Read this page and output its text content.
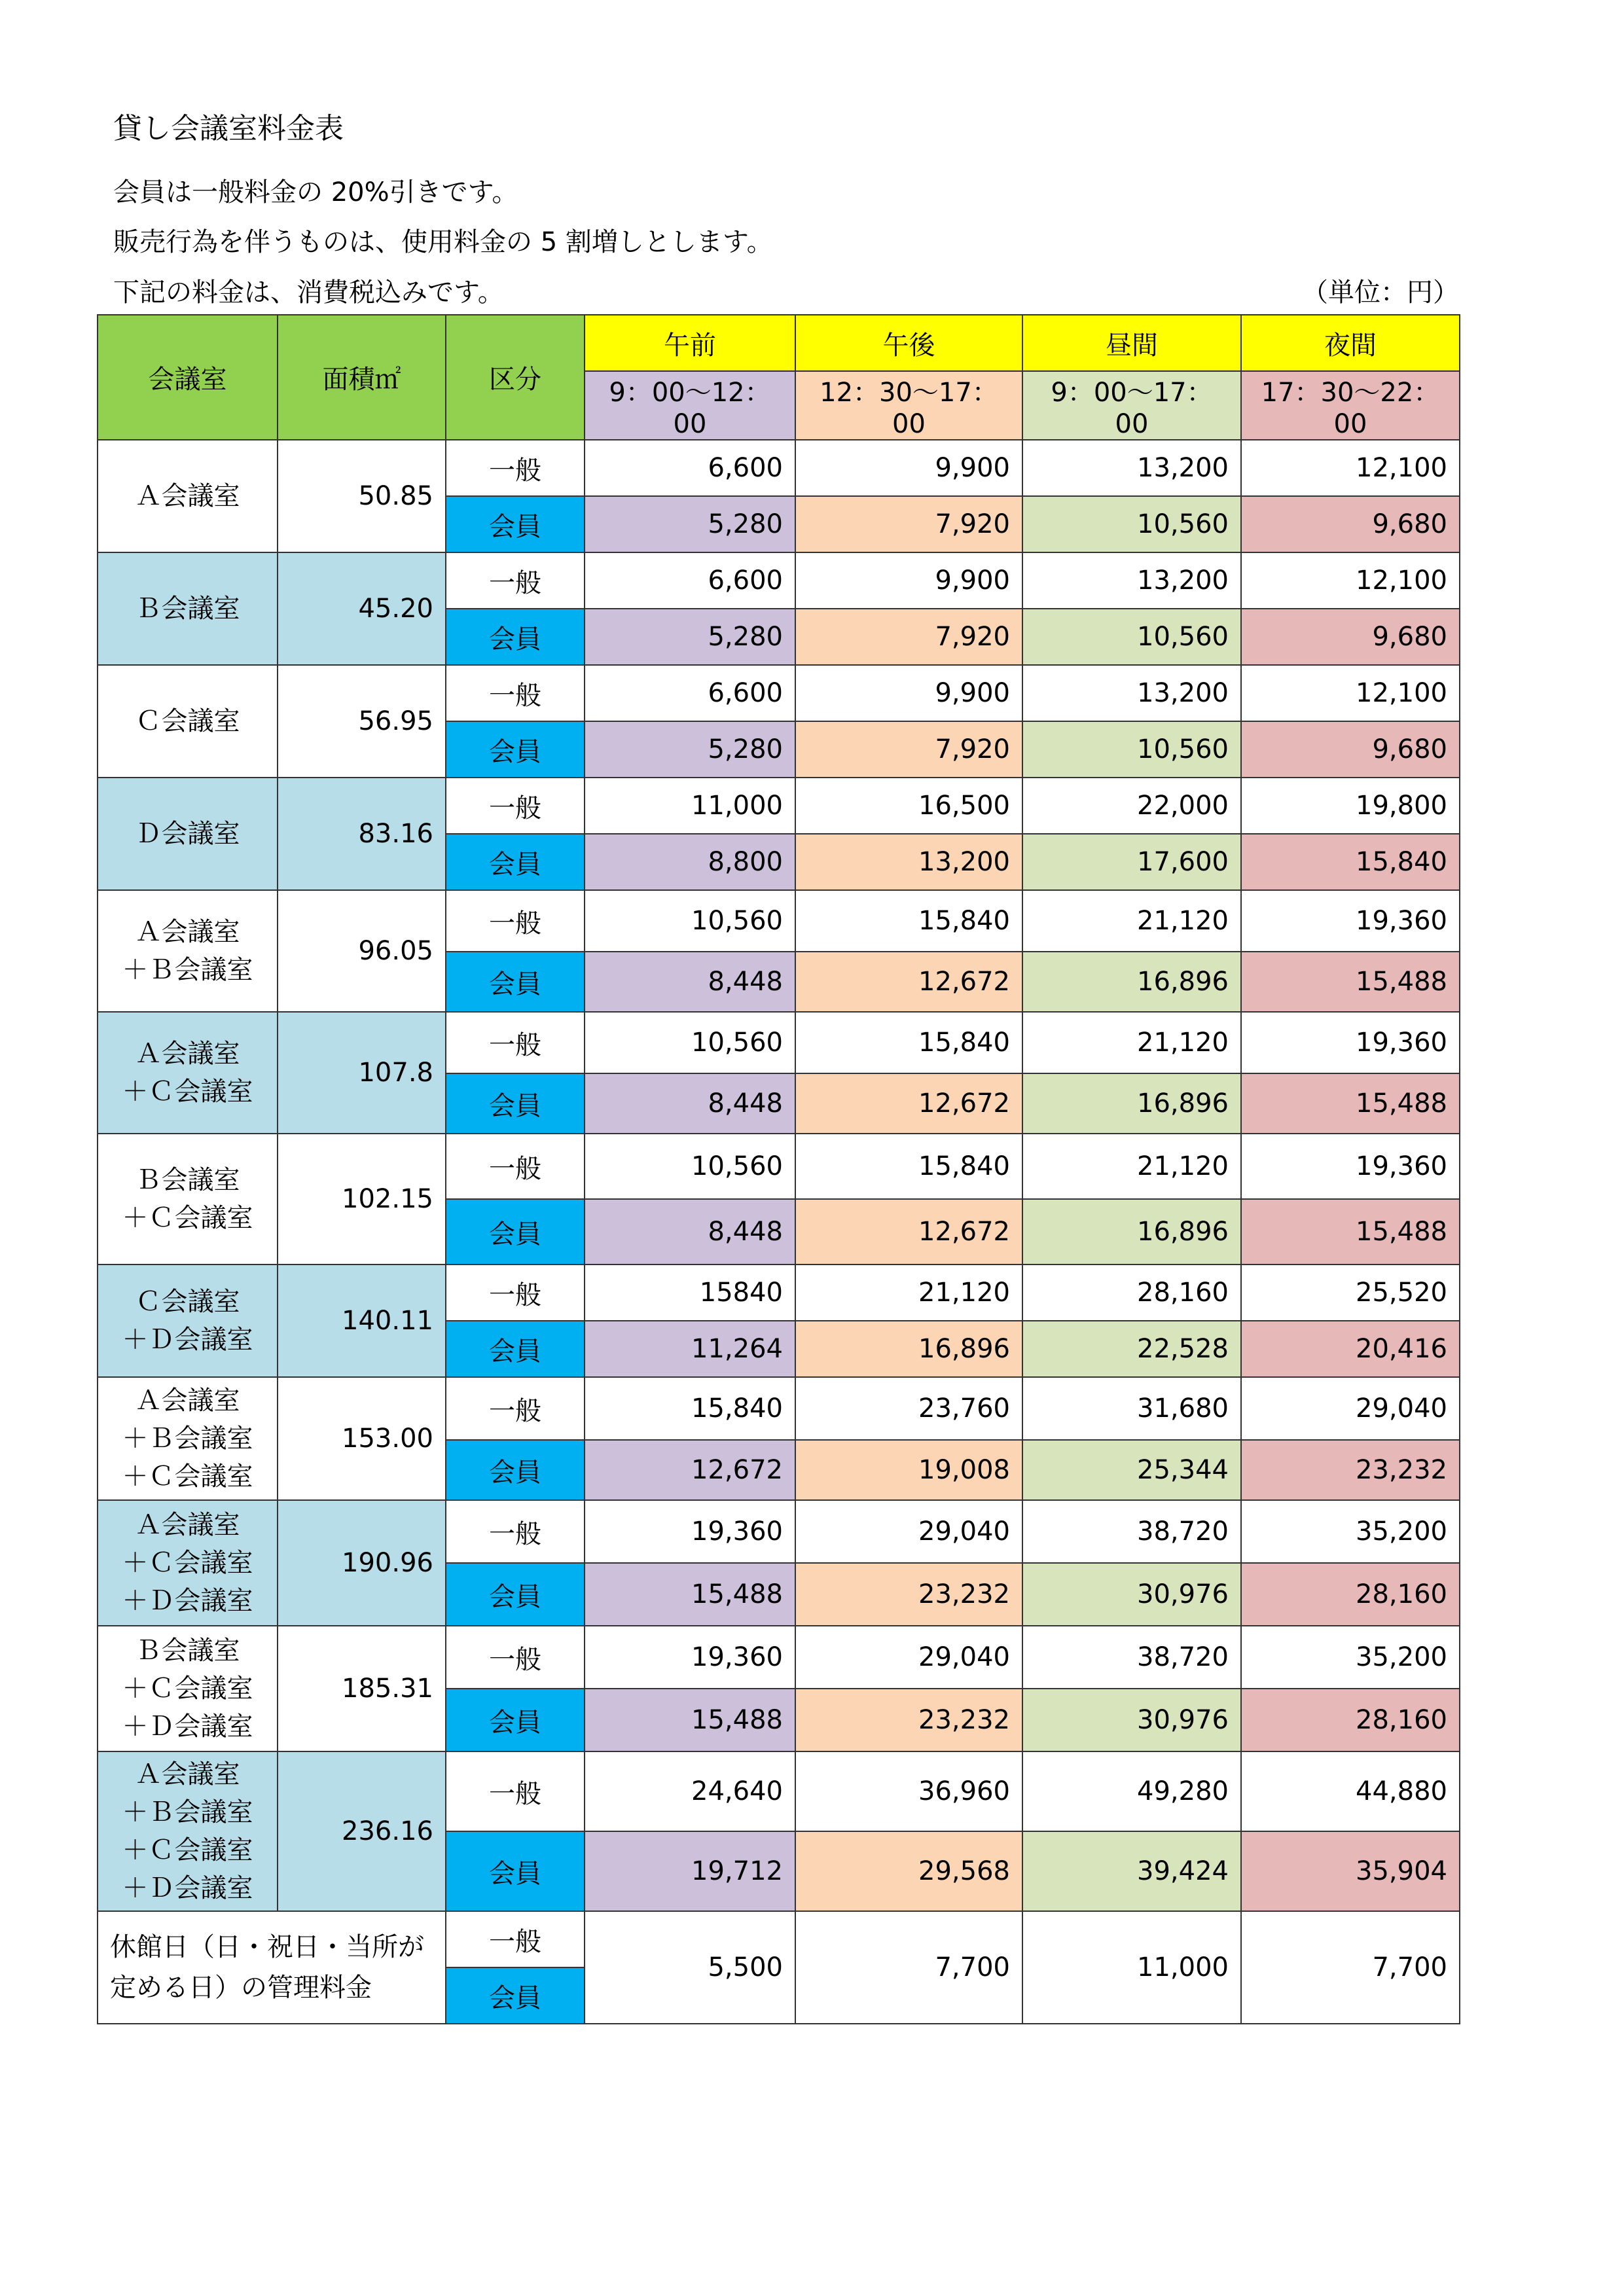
貸し会議室料金表
会員は一般料金の 20%引きです。
販売行為を伴うものは、使用料金の 5 割増しとします。
下記の料金は、消費税込みです。	（単位：円）
会議室	面積㎡	区分	午前	午後	昼間	夜間
			9：00～12：00	12：30～17：00	9：00～17：00	17：30～22：00

Ａ会議室	50.85	一般	6,600	9,900	13,200	12,100
		会員	5,280	7,920	10,560	9,680

Ｂ会議室	45.20	一般	6,600	9,900	13,200	12,100
		会員	5,280	7,920	10,560	9,680

Ｃ会議室	56.95	一般	6,600	9,900	13,200	12,100
		会員	5,280	7,920	10,560	9,680

Ｄ会議室	83.16	一般	11,000	16,500	22,000	19,800
		会員	8,800	13,200	17,600	15,840

Ａ会議室
＋Ｂ会議室	96.05	一般	10,560	15,840	21,120	19,360
		会員	8,448	12,672	16,896	15,488

Ａ会議室
＋Ｃ会議室	107.8	一般	10,560	15,840	21,120	19,360
		会員	8,448	12,672	16,896	15,488

Ｂ会議室
＋Ｃ会議室	102.15	一般	10,560	15,840	21,120	19,360
		会員	8,448	12,672	16,896	15,488

Ｃ会議室
＋Ｄ会議室	140.11	一般	15840	21,120	28,160	25,520
		会員	11,264	16,896	22,528	20,416

Ａ会議室
＋Ｂ会議室
＋Ｃ会議室	153.00	一般	15,840	23,760	31,680	29,040
		会員	12,672	19,008	25,344	23,232

Ａ会議室
＋Ｃ会議室
＋Ｄ会議室	190.96	一般	19,360	29,040	38,720	35,200
		会員	15,488	23,232	30,976	28,160

Ｂ会議室
＋Ｃ会議室
＋Ｄ会議室	185.31	一般	19,360	29,040	38,720	35,200
		会員	15,488	23,232	30,976	28,160

Ａ会議室
＋Ｂ会議室
＋Ｃ会議室
＋Ｄ会議室	236.16	一般	24,640	36,960	49,280	44,880
		会員	19,712	29,568	39,424	35,904

休館日（日・祝日・当所が
定める日）の管理料金		一般	5,500	7,700	11,000	7,700
		会員				
